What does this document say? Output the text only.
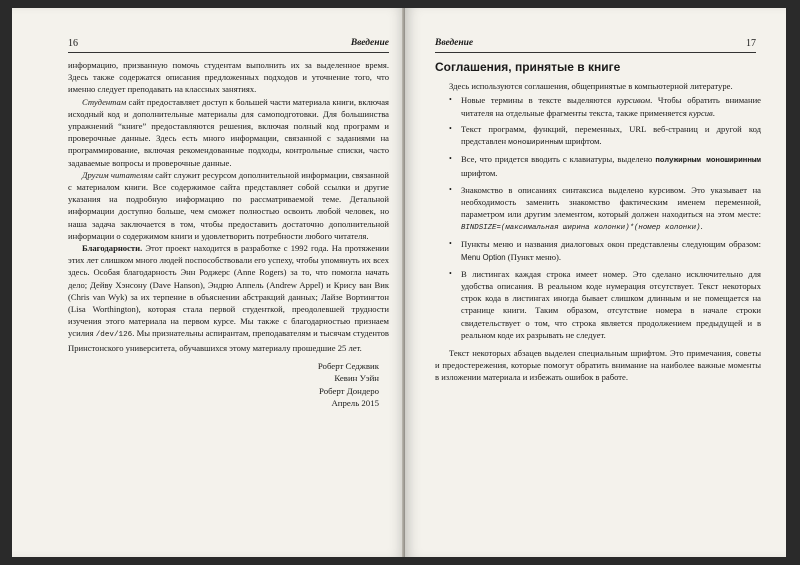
16	Введение

информацию, призванную помочь студентам выполнить их за выделенное время. Здесь также содержатся описания предложенных подходов и уточнение того, что именно следует преподавать на классных занятиях.

Студентам сайт предоставляет доступ к большей части материала книги, включая исходный код и дополнительные материалы для самоподготовки. Для большинства упражнений “книге” предоставляются решения, включая полный код программ и проверочные данные. Здесь есть много информации, связанной с заданиями на программирование, включая рекомендованные подходы, контрольные списки, часто задаваемые вопросы и проверочные данные.

Другим читателям сайт служит ресурсом дополнительной информации, связанной с материалом книги. Все содержимое сайта представляет собой ссылки и другие указания на подробную информацию по рассматриваемой теме. Детальной информации доступно больше, чем сможет полностью освоить любой человек, но наша задача заключается в том, чтобы предоставить достаточно дополнительной информации о содержимом книги и удовлетворить потребности любого читателя.

Благодарности. Этот проект находится в разработке с 1992 года. На протяжении этих лет слишком много людей поспособствовали его успеху, чтобы упомянуть их всех здесь. Особая благодарность Энн Роджерс (Anne Rogers) за то, что помогла начать дело; Дейву Хэнсону (Dave Hanson), Эндрю Аппель (Andrew Appel) и Крису ван Вик (Chris van Wyk) за их терпение в объяснении абстракций данных; Лайзе Вортингтон (Lisa Worthington), которая стала первой студенткой, преодолевшей трудности изучения этого материала на первом курсе. Мы также с благодарностью признаем усилия /dev/126. Мы признательны аспирантам, преподавателям и тысячам студентов Принстонского университета, обучавшихся этому материалу прошедшие 25 лет.

Роберт Седжвик
Кевин Уэйн
Роберт Дондеро
Апрель 2015
Введение	17
Соглашения, принятые в книге

Здесь используются соглашения, общепринятые в компьютерной литературе.

• Новые термины в тексте выделяются курсивом. Чтобы обратить внимание читателя на отдельные фрагменты текста, также применяется курсив.
• Текст программ, функций, переменных, URL веб-страниц и другой код представлен моноширинным шрифтом.
• Все, что придется вводить с клавиатуры, выделено полужирным моноширинным шрифтом.
• Знакомство в описаниях синтаксиса выделено курсивом. Это указывает на необходимость заменить знакомство фактическим именем переменной, параметром или другим элементом, который должен находиться на этом месте: BINDSIZE=(максимальная ширина колонки)*(номер колонки).
• Пункты меню и названия диалоговых окон представлены следующим образом: Menu Option (Пункт меню).
• В листингах каждая строка имеет номер. Это сделано исключительно для удобства описания. В реальном коде нумерация отсутствует. Текст некоторых строк кода в листингах иногда бывает слишком длинным и не помещается на странице книги. Таким образом, отсутствие номера в начале строки свидетельствует о том, что строка является продолжением предыдущей и в реальном коде их разрывать не следует.

Текст некоторых абзацев выделен специальным шрифтом. Это примечания, советы и предостережения, которые помогут обратить внимание на наиболее важные моменты в изложении материала и избежать ошибок в работе.
